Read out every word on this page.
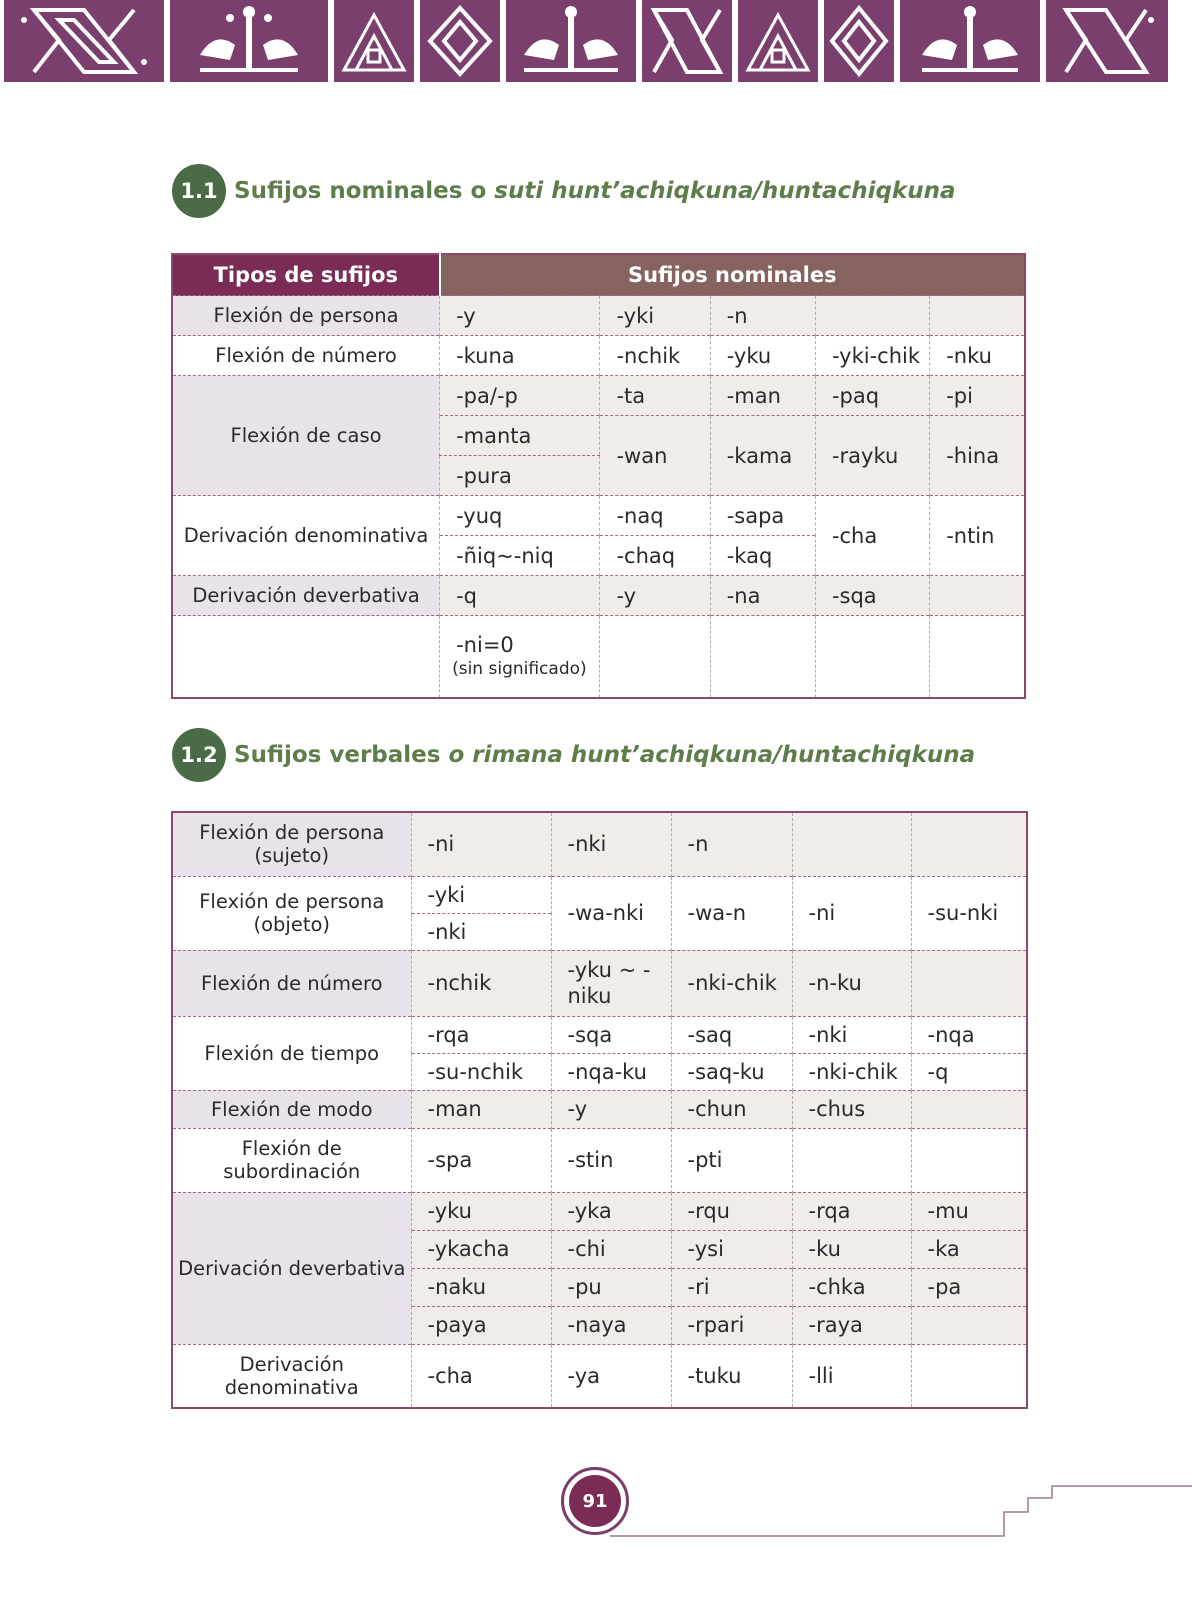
1.1 Sufijos nominales o suti hunt’achiqkuna/huntachiqkuna
Tipos de sufijos	Sufijos nominales				
Flexión de persona	-y	-yki	-n		
Flexión de número	-kuna	-nchik	-yku	-yki-chik	-nku
Flexión de caso	-pa/-p	-ta	-man	-paq	-pi
	-manta	-wan	-kama	-rayku	-hina
	-pura				
Derivación denominativa	-yuq	-naq	-sapa	-cha	-ntin
	-ñiq~-niq	-chaq	-kaq		
Derivación deverbativa	-q	-y	-na	-sqa	

	-ni=0
(sin significado)				

1.2 Sufijos verbales o rimana hunt’achiqkuna/huntachiqkuna
Flexión de persona (sujeto)	-ni	-nki	-n		
Flexión de persona (objeto)	-yki	-wa-nki	-wa-n	-ni	-su-nki
	-nki				
Flexión de número	-nchik	-yku ~ -niku	-nki-chik	-n-ku	
Flexión de tiempo	-rqa	-sqa	-saq	-nki	-nqa
	-su-nchik	-nqa-ku	-saq-ku	-nki-chik	-q
Flexión de modo	-man	-y	-chun	-chus	
Flexión de subordinación	-spa	-stin	-pti		
Derivación deverbativa	-yku	-yka	-rqu	-rqa	-mu
	-ykacha	-chi	-ysi	-ku	-ka
	-naku	-pu	-ri	-chka	-pa
	-paya	-naya	-rpari	-raya	
Derivación denominativa	-cha	-ya	-tuku	-lli	
91
